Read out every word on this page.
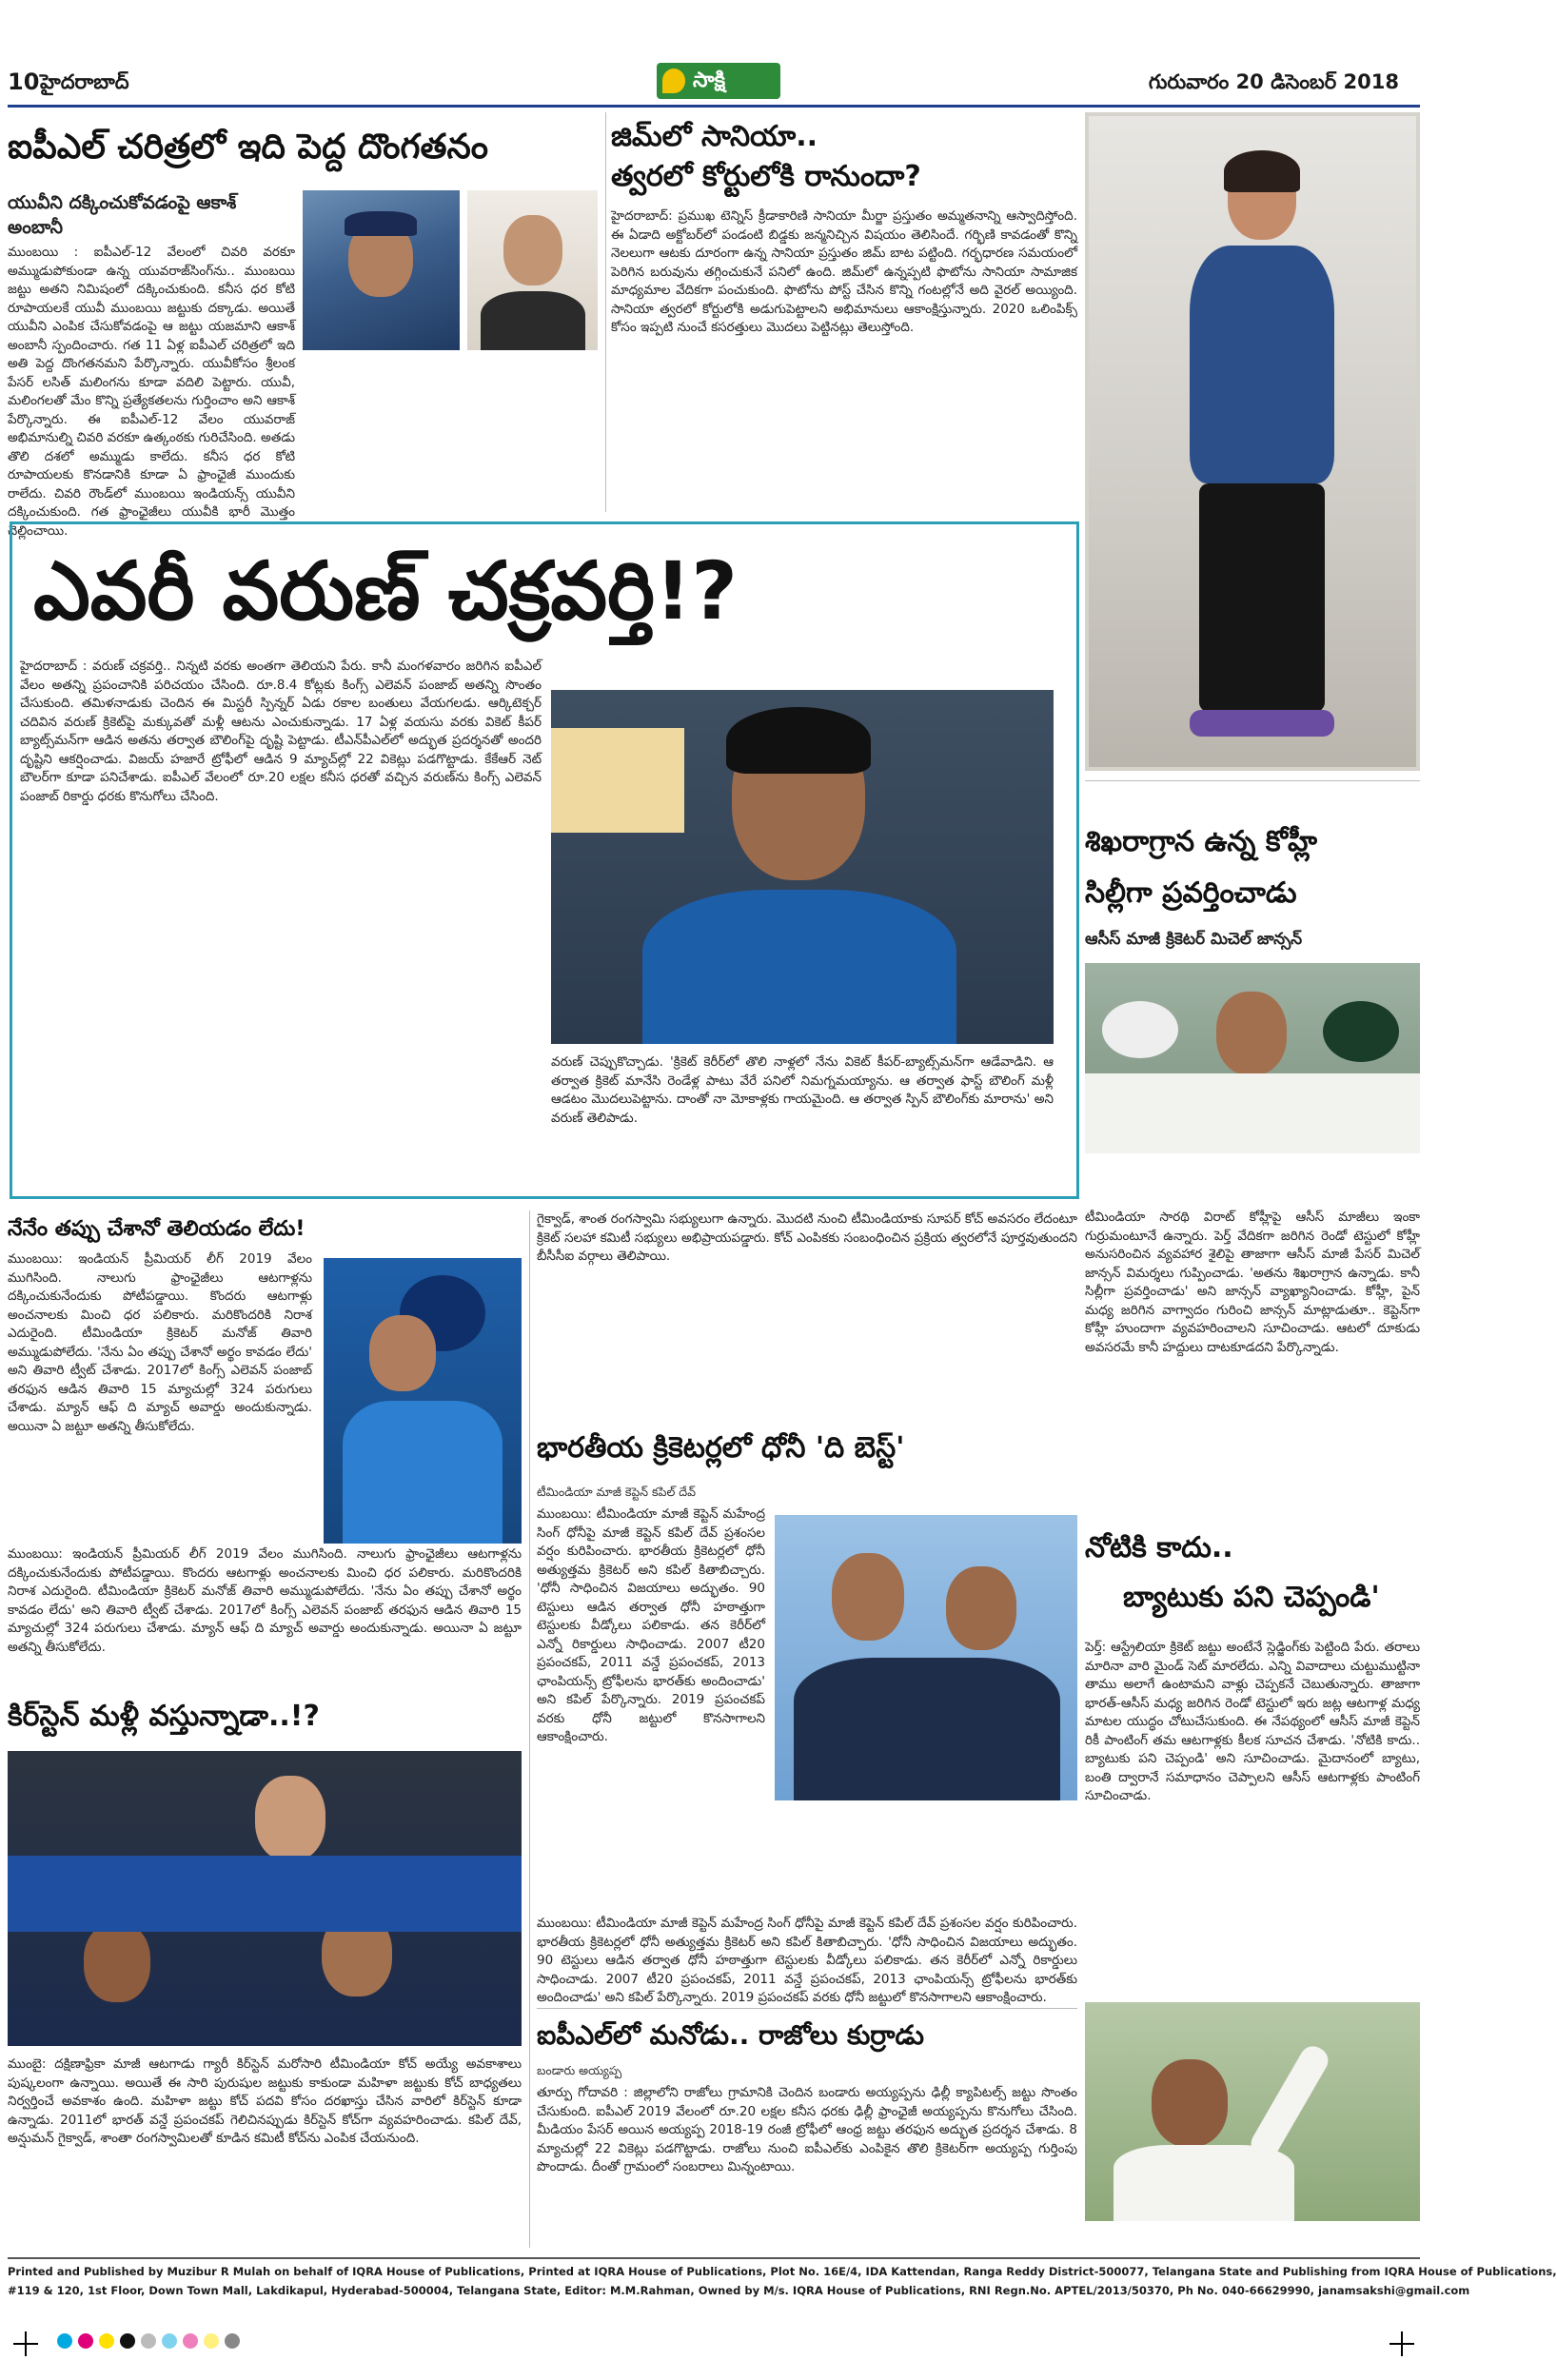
10 హైదరాబాద్	సాక్షి	గురువారం 20 డిసెంబర్ 2018
ఐపీఎల్ చరిత్రలో ఇది పెద్ద దొంగతనం
యువీని దక్కించుకోవడంపై ఆకాశ్ అంబానీ
ముంబయి : ఐపీఎల్-12 వేలంలో చివరి వరకూ అమ్ముడుపోకుండా ఉన్న యువరాజ్‌సింగ్‌ను.. ముంబయి జట్టు అతని నిమిషంలో దక్కించుకుంది. కనీస ధర కోటి రూపాయలకే యువీ ముంబయి జట్టుకు దక్కాడు. అయితే యువీని ఎంపిక చేసుకోవడంపై ఆ జట్టు యజమాని ఆకాశ్ అంబానీ స్పందించారు. గత 11 ఏళ్ల ఐపీఎల్ చరిత్రలో ఇది అతి పెద్ద దొంగతనమని పేర్కొన్నారు. యువీకోసం శ్రీలంక పేసర్ లసిత్ మలింగను కూడా వదిలి పెట్టారు. యువీ, మలింగలతో మేం కొన్ని ప్రత్యేకతలను గుర్తించాం అని ఆకాశ్ పేర్కొన్నారు. ఈ ఐపీఎల్-12 వేలం యువరాజ్ అభిమానుల్ని చివరి వరకూ ఉత్కంఠకు గురిచేసింది. అతడు తొలి దశలో అమ్ముడు కాలేదు. కనీస ధర కోటి రూపాయలకు కొనడానికి కూడా ఏ ఫ్రాంఛైజీ ముందుకు రాలేదు. చివరి రౌండ్‌లో ముంబయి ఇండియన్స్ యువీని దక్కించుకుంది. గత ఫ్రాంఛైజీలు యువీకి భారీ మొత్తం చెల్లించాయి.
జిమ్‌లో సానియా..
త్వరలో కోర్టులోకి రానుందా?
హైదరాబాద్: ప్రముఖ టెన్నిస్ క్రీడాకారిణి సానియా మీర్జా ప్రస్తుతం అమ్మతనాన్ని ఆస్వాదిస్తోంది. ఈ ఏడాది అక్టోబర్‌లో పండంటి బిడ్డకు జన్మనిచ్చిన విషయం తెలిసిందే. గర్భిణి కావడంతో కొన్ని నెలలుగా ఆటకు దూరంగా ఉన్న సానియా ప్రస్తుతం జిమ్ బాట పట్టింది. గర్భధారణ సమయంలో పెరిగిన బరువును తగ్గించుకునే పనిలో ఉంది. జిమ్‌లో ఉన్నప్పటి ఫొటోను సానియా సామాజిక మాధ్యమాల వేదికగా పంచుకుంది. ఫొటోను పోస్ట్ చేసిన కొన్ని గంటల్లోనే అది వైరల్ అయ్యింది. సానియా త్వరలో కోర్టులోకి అడుగుపెట్టాలని అభిమానులు ఆకాంక్షిస్తున్నారు. 2020 ఒలింపిక్స్ కోసం ఇప్పటి నుంచే కసరత్తులు మొదలు పెట్టినట్లు తెలుస్తోంది.
ఎవరీ వరుణ్ చక్రవర్తి!?
హైదరాబాద్ : వరుణ్ చక్రవర్తి.. నిన్నటి వరకు అంతగా తెలియని పేరు. కానీ మంగళవారం జరిగిన ఐపీఎల్ వేలం అతన్ని ప్రపంచానికి పరిచయం చేసింది. రూ.8.4 కోట్లకు కింగ్స్ ఎలెవన్ పంజాబ్ అతన్ని సొంతం చేసుకుంది. తమిళనాడుకు చెందిన ఈ మిస్టరీ స్పిన్నర్ ఏడు రకాల బంతులు వేయగలడు. ఆర్కిటెక్చర్ చదివిన వరుణ్ క్రికెట్‌పై మక్కువతో మళ్లీ ఆటను ఎంచుకున్నాడు. 17 ఏళ్ల వయసు వరకు వికెట్ కీపర్ బ్యాట్స్‌మన్‌గా ఆడిన అతను తర్వాత బౌలింగ్‌పై దృష్టి పెట్టాడు. టీఎన్‌పీఎల్‌లో అద్భుత ప్రదర్శనతో అందరి దృష్టిని ఆకర్షించాడు. విజయ్ హజారే ట్రోఫీలో ఆడిన 9 మ్యాచ్‌ల్లో 22 వికెట్లు పడగొట్టాడు. కేకేఆర్ నెట్ బౌలర్‌గా కూడా పనిచేశాడు. ఐపీఎల్ వేలంలో రూ.20 లక్షల కనీస ధరతో వచ్చిన వరుణ్‌ను కింగ్స్ ఎలెవన్ పంజాబ్ రికార్డు ధరకు కొనుగోలు చేసింది.
వరుణ్ చెప్పుకొచ్చాడు. 'క్రికెట్ కెరీర్‌లో తొలి నాళ్లలో నేను వికెట్ కీపర్-బ్యాట్స్‌మన్‌గా ఆడేవాడిని. ఆ తర్వాత క్రికెట్ మానేసి రెండేళ్ల పాటు వేరే పనిలో నిమగ్నమయ్యాను. ఆ తర్వాత ఫాస్ట్ బౌలింగ్ మళ్లీ ఆడటం మొదలుపెట్టాను. దాంతో నా మోకాళ్లకు గాయమైంది. ఆ తర్వాత స్పిన్ బౌలింగ్‌కు మారాను' అని వరుణ్ తెలిపాడు.
శిఖరాగ్రాన ఉన్న కోహ్లీ
సిల్లీగా ప్రవర్తించాడు
ఆసీస్ మాజీ క్రికెటర్ మిచెల్ జాన్సన్
టీమిండియా సారథి విరాట్ కోహ్లీపై ఆసీస్ మాజీలు ఇంకా గుర్రుమంటూనే ఉన్నారు. పెర్త్ వేదికగా జరిగిన రెండో టెస్టులో కోహ్లీ అనుసరించిన వ్యవహార శైలిపై తాజాగా ఆసీస్ మాజీ పేసర్ మిచెల్ జాన్సన్ విమర్శలు గుప్పించాడు. 'అతను శిఖరాగ్రాన ఉన్నాడు. కానీ సిల్లీగా ప్రవర్తించాడు' అని జాన్సన్ వ్యాఖ్యానించాడు. కోహ్లీ, పైన్ మధ్య జరిగిన వాగ్వాదం గురించి జాన్సన్ మాట్లాడుతూ.. కెప్టెన్‌గా కోహ్లీ హుందాగా వ్యవహరించాలని సూచించాడు. ఆటలో దూకుడు అవసరమే కానీ హద్దులు దాటకూడదని పేర్కొన్నాడు.
నోటికి కాదు..
బ్యాటుకు పని చెప్పండి'
పెర్త్: ఆస్ట్రేలియా క్రికెట్ జట్టు అంటేనే స్లెడ్జింగ్‌కు పెట్టింది పేరు. తరాలు మారినా వారి మైండ్ సెట్ మారలేదు. ఎన్ని వివాదాలు చుట్టుముట్టినా తాము అలాగే ఉంటామని వాళ్లు చెప్పకనే చెబుతున్నారు. తాజాగా భారత్-ఆసీస్ మధ్య జరిగిన రెండో టెస్టులో ఇరు జట్ల ఆటగాళ్ల మధ్య మాటల యుద్ధం చోటుచేసుకుంది. ఈ నేపథ్యంలో ఆసీస్ మాజీ కెప్టెన్ రికీ పాంటింగ్ తమ ఆటగాళ్లకు కీలక సూచన చేశాడు. 'నోటికి కాదు.. బ్యాటుకు పని చెప్పండి' అని సూచించాడు. మైదానంలో బ్యాటు, బంతి ద్వారానే సమాధానం చెప్పాలని ఆసీస్ ఆటగాళ్లకు పాంటింగ్ సూచించాడు.
నేనేం తప్పు చేశానో తెలియడం లేదు!
ముంబయి: ఇండియన్ ప్రీమియర్ లీగ్ 2019 వేలం ముగిసింది. నాలుగు ఫ్రాంఛైజీలు ఆటగాళ్లను దక్కించుకునేందుకు పోటీపడ్డాయి. కొందరు ఆటగాళ్లు అంచనాలకు మించి ధర పలికారు. మరికొందరికి నిరాశ ఎదురైంది. టీమిండియా క్రికెటర్ మనోజ్ తివారి అమ్ముడుపోలేదు. 'నేను ఏం తప్పు చేశానో అర్థం కావడం లేదు' అని తివారి ట్వీట్ చేశాడు. 2017లో కింగ్స్ ఎలెవన్ పంజాబ్ తరఫున ఆడిన తివారి 15 మ్యాచుల్లో 324 పరుగులు చేశాడు. మ్యాన్ ఆఫ్ ది మ్యాచ్ అవార్డు అందుకున్నాడు. అయినా ఏ జట్టూ అతన్ని తీసుకోలేదు.
ముంబయి: ఇండియన్ ప్రీమియర్ లీగ్ 2019 వేలం ముగిసింది. నాలుగు ఫ్రాంఛైజీలు ఆటగాళ్లను దక్కించుకునేందుకు పోటీపడ్డాయి. కొందరు ఆటగాళ్లు అంచనాలకు మించి ధర పలికారు. మరికొందరికి నిరాశ ఎదురైంది. టీమిండియా క్రికెటర్ మనోజ్ తివారి అమ్ముడుపోలేదు. 'నేను ఏం తప్పు చేశానో అర్థం కావడం లేదు' అని తివారి ట్వీట్ చేశాడు. 2017లో కింగ్స్ ఎలెవన్ పంజాబ్ తరఫున ఆడిన తివారి 15 మ్యాచుల్లో 324 పరుగులు చేశాడు. మ్యాన్ ఆఫ్ ది మ్యాచ్ అవార్డు అందుకున్నాడు. అయినా ఏ జట్టూ అతన్ని తీసుకోలేదు.
కిర్‌స్టెన్ మళ్లీ వస్తున్నాడా..!?
ముంబై: దక్షిణాఫ్రికా మాజీ ఆటగాడు గ్యారీ కిర్‌స్టెన్ మరోసారి టీమిండియా కోచ్ అయ్యే అవకాశాలు పుష్కలంగా ఉన్నాయి. అయితే ఈ సారి పురుషుల జట్టుకు కాకుండా మహిళా జట్టుకు కోచ్ బాధ్యతలు నిర్వర్తించే అవకాశం ఉంది. మహిళా జట్టు కోచ్ పదవి కోసం దరఖాస్తు చేసిన వారిలో కిర్‌స్టెన్ కూడా ఉన్నాడు. 2011లో భారత్ వన్డే ప్రపంచకప్ గెలిచినప్పుడు కిర్‌స్టెన్ కోచ్‌గా వ్యవహరించాడు. కపిల్ దేవ్, అన్షుమన్ గైక్వాడ్, శాంతా రంగస్వామిలతో కూడిన కమిటీ కోచ్‌ను ఎంపిక చేయనుంది.
గైక్వాడ్, శాంత రంగస్వామి సభ్యులుగా ఉన్నారు. మొదటి నుంచి టీమిండియాకు సూపర్ కోచ్ అవసరం లేదంటూ క్రికెట్ సలహా కమిటీ సభ్యులు అభిప్రాయపడ్డారు. కోచ్ ఎంపికకు సంబంధించిన ప్రక్రియ త్వరలోనే పూర్తవుతుందని బీసీసీఐ వర్గాలు తెలిపాయి.
భారతీయ క్రికెటర్లలో ధోనీ 'ది బెస్ట్'
టీమిండియా మాజీ కెప్టెన్ కపిల్ దేవ్
ముంబయి: టీమిండియా మాజీ కెప్టెన్ మహేంద్ర సింగ్ ధోనీపై మాజీ కెప్టెన్ కపిల్ దేవ్ ప్రశంసల వర్షం కురిపించారు. భారతీయ క్రికెటర్లలో ధోనీ అత్యుత్తమ క్రికెటర్ అని కపిల్ కితాబిచ్చారు. 'ధోనీ సాధించిన విజయాలు అద్భుతం. 90 టెస్టులు ఆడిన తర్వాత ధోనీ హఠాత్తుగా టెస్టులకు వీడ్కోలు పలికాడు. తన కెరీర్‌లో ఎన్నో రికార్డులు సాధించాడు. 2007 టీ20 ప్రపంచకప్, 2011 వన్డే ప్రపంచకప్, 2013 ఛాంపియన్స్ ట్రోఫీలను భారత్‌కు అందించాడు' అని కపిల్ పేర్కొన్నారు. 2019 ప్రపంచకప్ వరకు ధోనీ జట్టులో కొనసాగాలని ఆకాంక్షించారు.
ముంబయి: టీమిండియా మాజీ కెప్టెన్ మహేంద్ర సింగ్ ధోనీపై మాజీ కెప్టెన్ కపిల్ దేవ్ ప్రశంసల వర్షం కురిపించారు. భారతీయ క్రికెటర్లలో ధోనీ అత్యుత్తమ క్రికెటర్ అని కపిల్ కితాబిచ్చారు. 'ధోనీ సాధించిన విజయాలు అద్భుతం. 90 టెస్టులు ఆడిన తర్వాత ధోనీ హఠాత్తుగా టెస్టులకు వీడ్కోలు పలికాడు. తన కెరీర్‌లో ఎన్నో రికార్డులు సాధించాడు. 2007 టీ20 ప్రపంచకప్, 2011 వన్డే ప్రపంచకప్, 2013 ఛాంపియన్స్ ట్రోఫీలను భారత్‌కు అందించాడు' అని కపిల్ పేర్కొన్నారు. 2019 ప్రపంచకప్ వరకు ధోనీ జట్టులో కొనసాగాలని ఆకాంక్షించారు.
ఐపీఎల్‌లో మనోడు.. రాజోలు కుర్రాడు
బండారు అయ్యప్ప
తూర్పు గోదావరి : జిల్లాలోని రాజోలు గ్రామానికి చెందిన బండారు అయ్యప్పను ఢిల్లీ క్యాపిటల్స్ జట్టు సొంతం చేసుకుంది. ఐపీఎల్ 2019 వేలంలో రూ.20 లక్షల కనీస ధరకు ఢిల్లీ ఫ్రాంఛైజీ అయ్యప్పను కొనుగోలు చేసింది. మీడియం పేసర్ అయిన అయ్యప్ప 2018-19 రంజీ ట్రోఫీలో ఆంధ్ర జట్టు తరఫున అద్భుత ప్రదర్శన చేశాడు. 8 మ్యాచుల్లో 22 వికెట్లు పడగొట్టాడు. రాజోలు నుంచి ఐపీఎల్‌కు ఎంపికైన తొలి క్రికెటర్‌గా అయ్యప్ప గుర్తింపు పొందాడు. దీంతో గ్రామంలో సంబరాలు మిన్నంటాయి.
Printed and Published by Muzibur R Mulah on behalf of IQRA House of Publications, Printed at IQRA House of Publications, Plot No. 16E/4, IDA Kattendan, Ranga Reddy District-500077, Telangana State and Publishing from IQRA House of Publications,
#119 & 120, 1st Floor, Down Town Mall, Lakdikapul, Hyderabad-500004, Telangana State, Editor: M.M.Rahman, Owned by M/s. IQRA House of Publications, RNI Regn.No. APTEL/2013/50370, Ph No. 040-66629990, janamsakshi@gmail.com
